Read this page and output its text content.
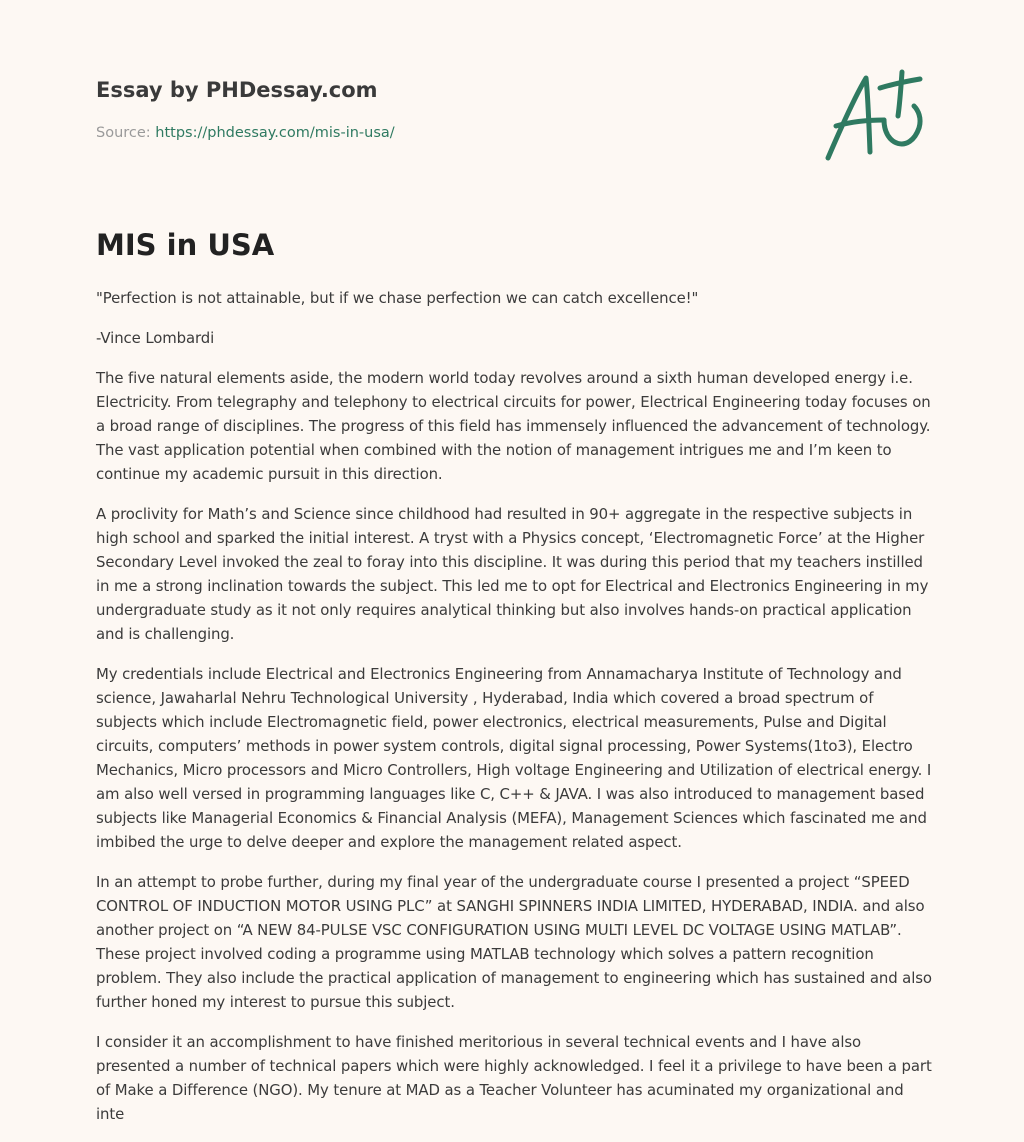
Essay by PHDessay.com
Source: https://phdessay.com/mis-in-usa/
MIS in USA

"Perfection is not attainable, but if we chase perfection we can catch excellence!"

-Vince Lombardi

The five natural elements aside, the modern world today revolves around a sixth human developed energy i.e. Electricity. From telegraphy and telephony to electrical circuits for power, Electrical Engineering today focuses on a broad range of disciplines. The progress of this field has immensely influenced the advancement of technology. The vast application potential when combined with the notion of management intrigues me and I’m keen to continue my academic pursuit in this direction.

A proclivity for Math’s and Science since childhood had resulted in 90+ aggregate in the respective subjects in high school and sparked the initial interest. A tryst with a Physics concept, ‘Electromagnetic Force’ at the Higher Secondary Level invoked the zeal to foray into this discipline. It was during this period that my teachers instilled in me a strong inclination towards the subject. This led me to opt for Electrical and Electronics Engineering in my undergraduate study as it not only requires analytical thinking but also involves hands-on practical application and is challenging.

My credentials include Electrical and Electronics Engineering from Annamacharya Institute of Technology and science, Jawaharlal Nehru Technological University , Hyderabad, India which covered a broad spectrum of subjects which include Electromagnetic field, power electronics, electrical measurements, Pulse and Digital circuits, computers’ methods in power system controls, digital signal processing, Power Systems(1to3), Electro Mechanics, Micro processors and Micro Controllers, High voltage Engineering and Utilization of electrical energy. I am also well versed in programming languages like C, C++ & JAVA. I was also introduced to management based subjects like Managerial Economics & Financial Analysis (MEFA), Management Sciences which fascinated me and imbibed the urge to delve deeper and explore the management related aspect.

In an attempt to probe further, during my final year of the undergraduate course I presented a project “SPEED CONTROL OF INDUCTION MOTOR USING PLC” at SANGHI SPINNERS INDIA LIMITED, HYDERABAD, INDIA. and also another project on “A NEW 84-PULSE VSC CONFIGURATION USING MULTI LEVEL DC VOLTAGE USING MATLAB”. These project involved coding a programme using MATLAB technology which solves a pattern recognition problem. They also include the practical application of management to engineering which has sustained and also further honed my interest to pursue this subject.

I consider it an accomplishment to have finished meritorious in several technical events and I have also presented a number of technical papers which were highly acknowledged. I feel it a privilege to have been a part of Make a Difference (NGO). My tenure at MAD as a Teacher Volunteer has acuminated my organizational and inte
